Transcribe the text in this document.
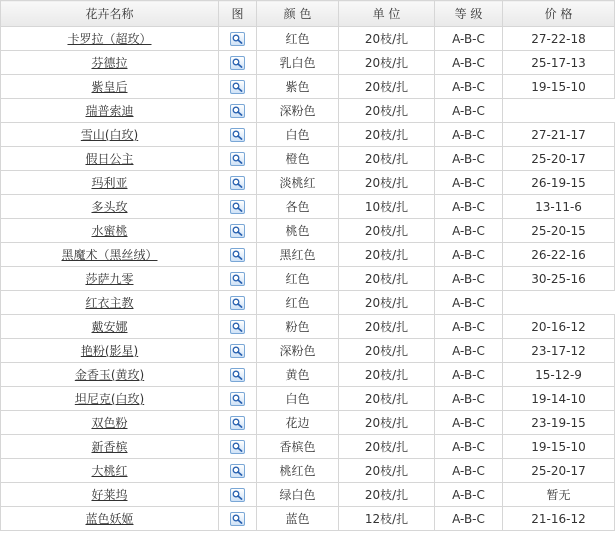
花卉名称	图	颜 色	单 位	等 级	价 格
卡罗拉（超玫）		红色	20枝/扎	A-B-C	27-22-18
芬德拉		乳白色	20枝/扎	A-B-C	25-17-13
紫皇后		紫色	20枝/扎	A-B-C	19-15-10
瑞普索迪		深粉色	20枝/扎	A-B-C	
雪山(白玫)		白色	20枝/扎	A-B-C	27-21-17
假日公主		橙色	20枝/扎	A-B-C	25-20-17
玛利亚		淡桃红	20枝/扎	A-B-C	26-19-15
多头玫		各色	10枝/扎	A-B-C	13-11-6
水蜜桃		桃色	20枝/扎	A-B-C	25-20-15
黑魔术（黑丝绒）		黑红色	20枝/扎	A-B-C	26-22-16
莎萨九零		红色	20枝/扎	A-B-C	30-25-16
红衣主教		红色	20枝/扎	A-B-C	
戴安娜		粉色	20枝/扎	A-B-C	20-16-12
艳粉(影星)		深粉色	20枝/扎	A-B-C	23-17-12
金香玉(黄玫)		黄色	20枝/扎	A-B-C	15-12-9
坦尼克(白玫)		白色	20枝/扎	A-B-C	19-14-10
双色粉		花边	20枝/扎	A-B-C	23-19-15
新香槟		香槟色	20枝/扎	A-B-C	19-15-10
大桃红		桃红色	20枝/扎	A-B-C	25-20-17
好莱坞		绿白色	20枝/扎	A-B-C	暂无
蓝色妖姬		蓝色	12枝/扎	A-B-C	21-16-12
